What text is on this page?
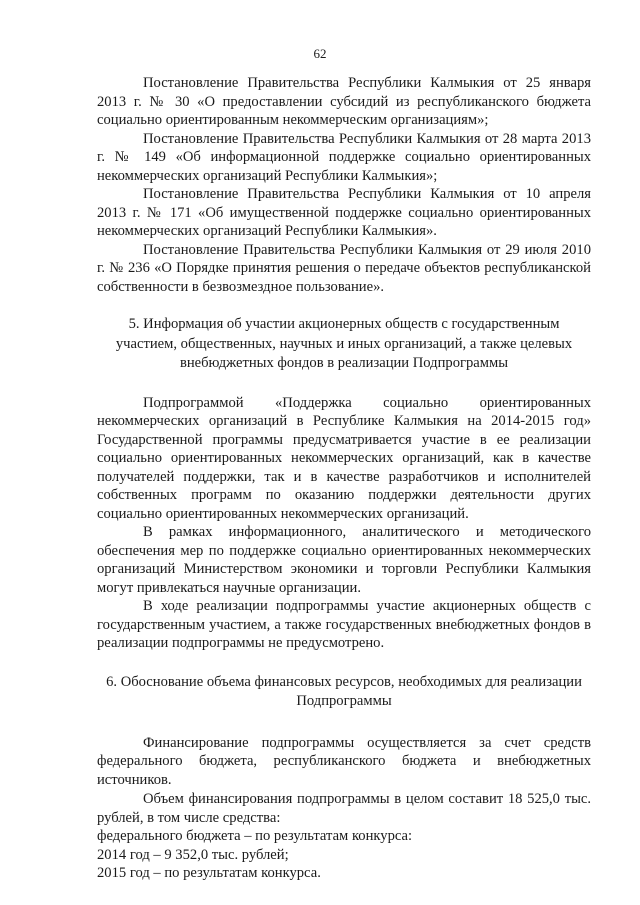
62

Постановление Правительства Республики Калмыкия от 25 января 2013 г. № 30 «О предоставлении субсидий из республиканского бюджета социально ориентированным некоммерческим организациям»;

Постановление Правительства Республики Калмыкия от 28 марта 2013 г. № 149 «Об информационной поддержке социально ориентированных некоммерческих организаций Республики Калмыкия»;

Постановление Правительства Республики Калмыкия от 10 апреля 2013 г. № 171 «Об имущественной поддержке социально ориентированных некоммерческих организаций Республики Калмыкия».

Постановление Правительства Республики Калмыкия от 29 июля 2010 г. № 236 «О Порядке принятия решения о передаче объектов республиканской собственности в безвозмездное пользование».

5. Информация об участии акционерных обществ с государственным участием, общественных, научных и иных организаций, а также целевых внебюджетных фондов в реализации Подпрограммы

Подпрограммой «Поддержка социально ориентированных некоммерческих организаций в Республике Калмыкия на 2014-2015 год» Государственной программы предусматривается участие в ее реализации социально ориентированных некоммерческих организаций, как в качестве получателей поддержки, так и в качестве разработчиков и исполнителей собственных программ по оказанию поддержки деятельности других социально ориентированных некоммерческих организаций.

В рамках информационного, аналитического и методического обеспечения мер по поддержке социально ориентированных некоммерческих организаций Министерством экономики и торговли Республики Калмыкия могут привлекаться научные организации.

В ходе реализации подпрограммы участие акционерных обществ с государственным участием, а также государственных внебюджетных фондов в реализации подпрограммы не предусмотрено.

6. Обоснование объема финансовых ресурсов, необходимых для реализации Подпрограммы

Финансирование подпрограммы осуществляется за счет средств федерального бюджета, республиканского бюджета и внебюджетных источников.

Объем финансирования подпрограммы в целом составит 18 525,0 тыс. рублей, в том числе средства:

федерального бюджета – по результатам конкурса:

2014 год – 9 352,0 тыс. рублей;

2015 год – по результатам конкурса.
